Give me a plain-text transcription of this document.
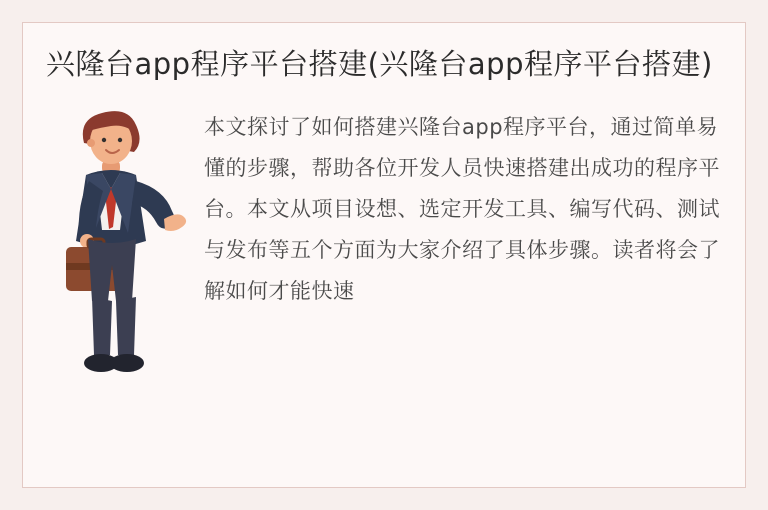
兴隆台app程序平台搭建(兴隆台app程序平台搭建)
本文探讨了如何搭建兴隆台app程序平台，通过简单易懂的步骤，帮助各位开发人员快速搭建出成功的程序平台。本文从项目设想、选定开发工具、编写代码、测试与发布等五个方面为大家介绍了具体步骤。读者将会了解如何才能快速
